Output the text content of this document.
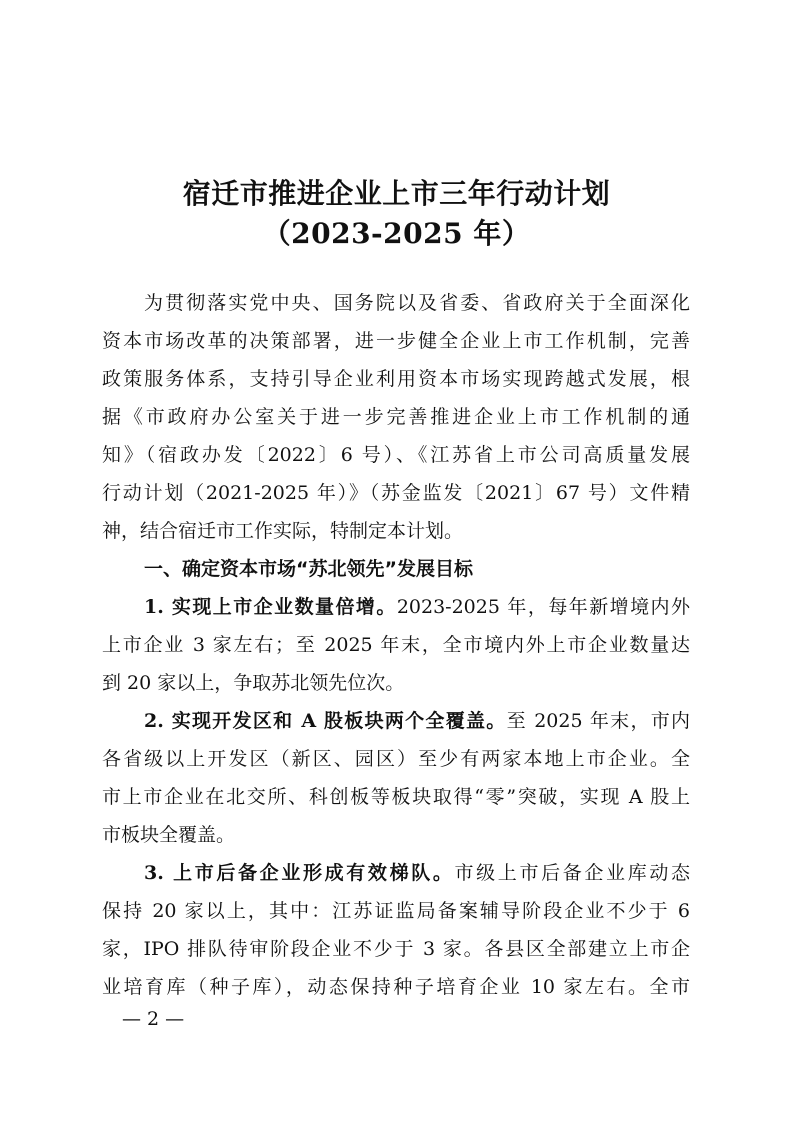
宿迁市推进企业上市三年行动计划
（2023-2025 年）
为贯彻落实党中央、国务院以及省委、省政府关于全面深化
资本市场改革的决策部署，进一步健全企业上市工作机制，完善
政策服务体系，支持引导企业利用资本市场实现跨越式发展，根
据《市政府办公室关于进一步完善推进企业上市工作机制的通
知》（宿政办发〔2022〕6 号）、《江苏省上市公司高质量发展
行动计划（2021-2025 年）》（苏金监发〔2021〕67 号）文件精
神，结合宿迁市工作实际，特制定本计划。
一、确定资本市场“苏北领先”发展目标
1. 实现上市企业数量倍增。2023-2025 年，每年新增境内外
上市企业 3 家左右；至 2025 年末，全市境内外上市企业数量达
到 20 家以上，争取苏北领先位次。
2. 实现开发区和 A 股板块两个全覆盖。至 2025 年末，市内
各省级以上开发区（新区、园区）至少有两家本地上市企业。全
市上市企业在北交所、科创板等板块取得“零”突破，实现 A 股上
市板块全覆盖。
3. 上市后备企业形成有效梯队。市级上市后备企业库动态
保持 20 家以上，其中：江苏证监局备案辅导阶段企业不少于 6
家，IPO 排队待审阶段企业不少于 3 家。各县区全部建立上市企
业培育库（种子库），动态保持种子培育企业 10 家左右。全市
— 2 —
